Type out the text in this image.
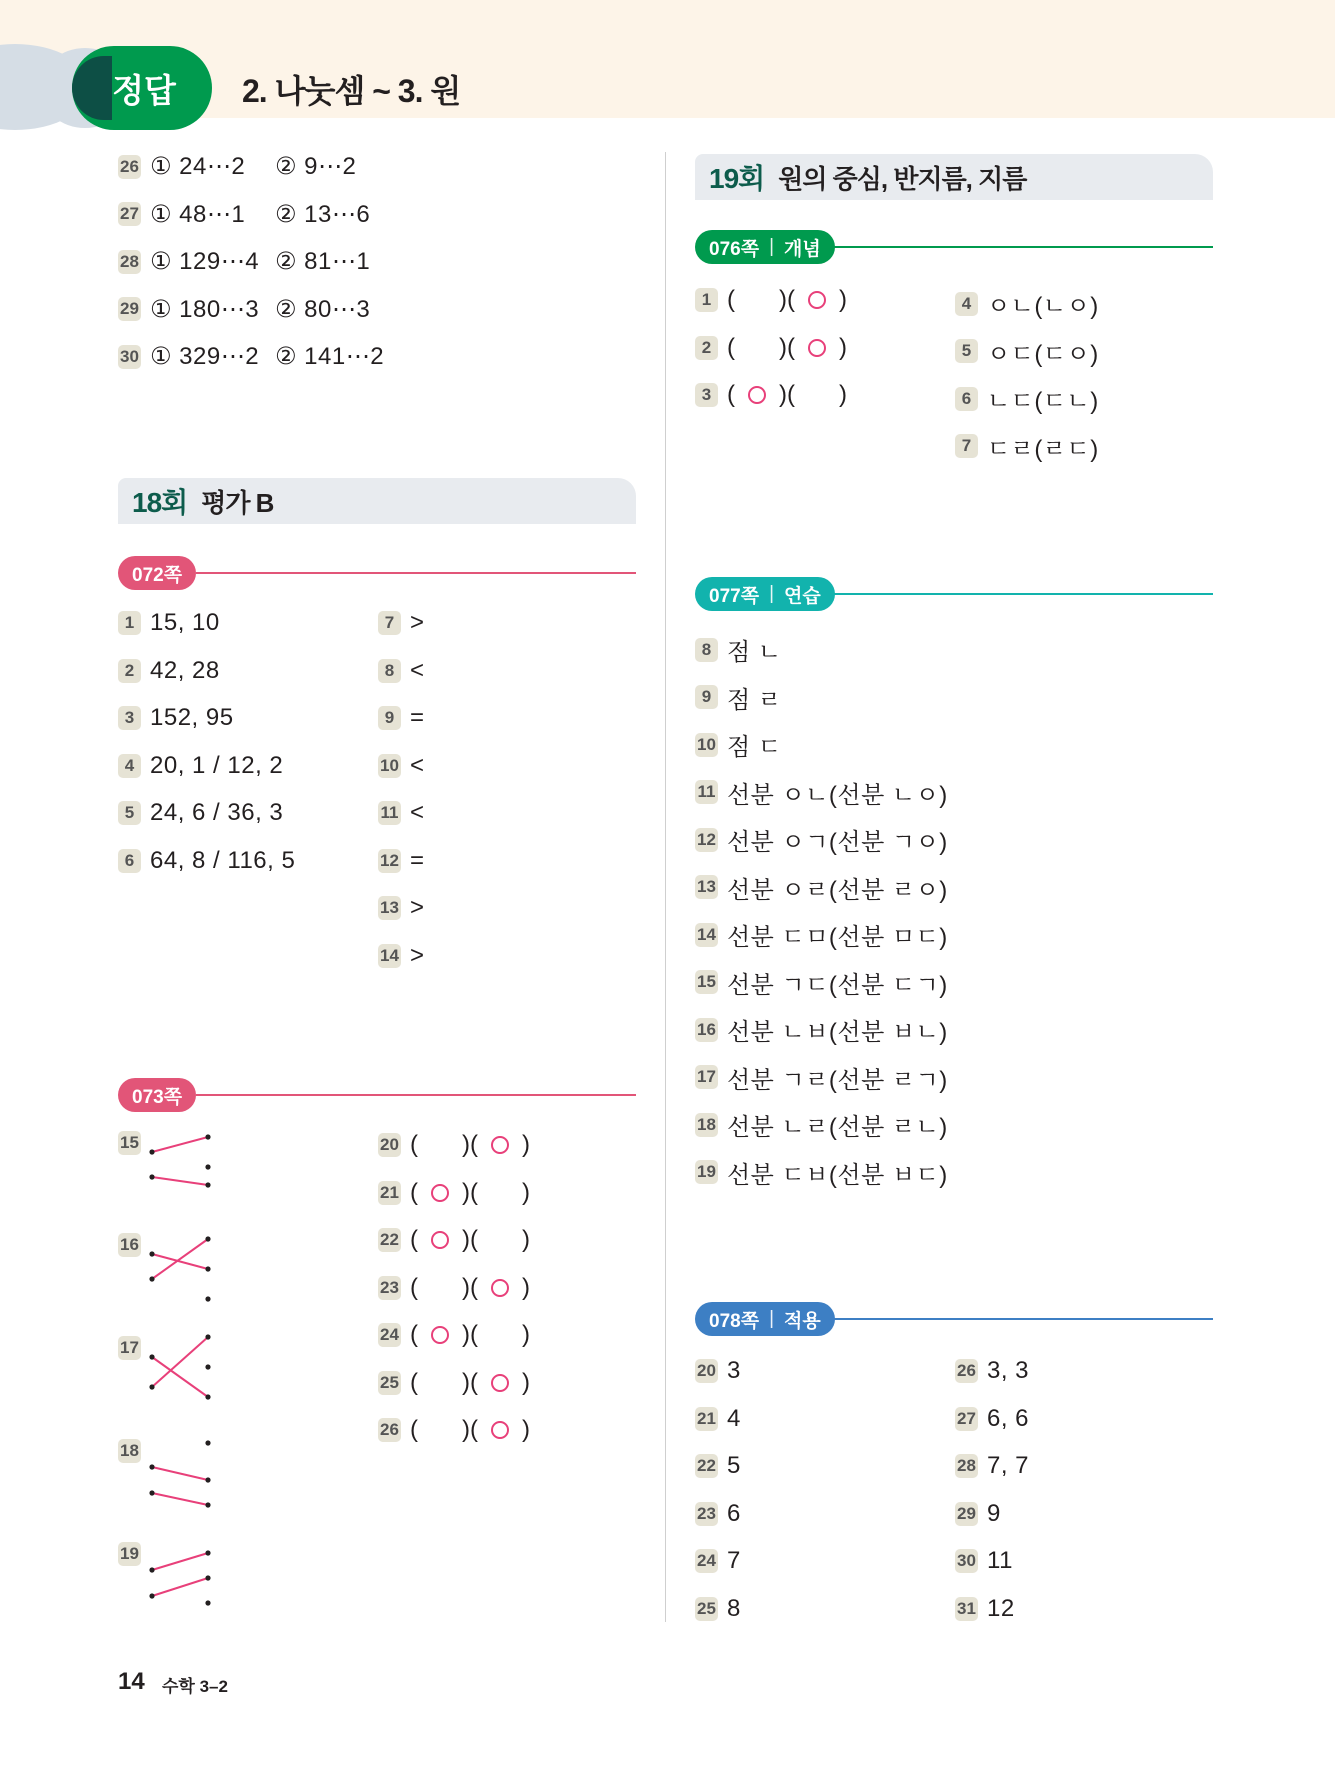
정답 2. 나눗셈 ~ 3. 원
26 ① 24⋯2	② 9⋯2
27 ① 48⋯1	② 13⋯6
28 ① 129⋯4 ② 81⋯1
29 ① 180⋯3 ② 80⋯3
30 ① 329⋯2 ② 141⋯2
18회 평가 B
072쪽
1 15, 10
2 42, 28
3 152, 95
4 20, 1 / 12, 2
5 24, 6 / 36, 3
6 64, 8 / 116, 5
7 >
8 <
9 =
10 <
11 <
12 =
13 >
14 >
073쪽
15
16
17
18
19
20 ( ) ( )
21 ( ) ( )
22 ( ) ( )
23 ( ) ( )
24 ( ) ( )
25 ( ) ( )
26 ( ) ( )
19회 원의 중심, 반지름, 지름
076쪽 | 개념
1 ( ) ( )
2 ( ) ( )
3 ( ) ( )
4 ㅇㄴ(ㄴㅇ)
5 ㅇㄷ(ㄷㅇ)
6 ㄴㄷ(ㄷㄴ)
7 ㄷㄹ(ㄹㄷ)
077쪽 | 연습
8 점 ㄴ
9 점 ㄹ
10 점 ㄷ
11 선분 ㅇㄴ(선분 ㄴㅇ)
12 선분 ㅇㄱ(선분 ㄱㅇ)
13 선분 ㅇㄹ(선분 ㄹㅇ)
14 선분 ㄷㅁ(선분 ㅁㄷ)
15 선분 ㄱㄷ(선분 ㄷㄱ)
16 선분 ㄴㅂ(선분 ㅂㄴ)
17 선분 ㄱㄹ(선분 ㄹㄱ)
18 선분 ㄴㄹ(선분 ㄹㄴ)
19 선분 ㄷㅂ(선분 ㅂㄷ)
078쪽 | 적용
20 3
21 4
22 5
23 6
24 7
25 8
26 3, 3
27 6, 6
28 7, 7
29 9
30 11
31 12
14 수학 3–2
